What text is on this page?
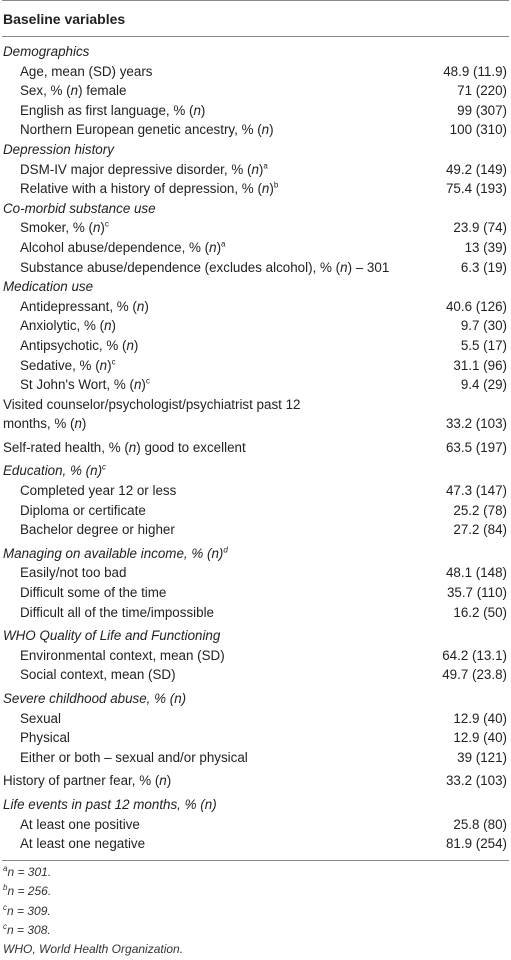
Baseline variables
Demographics
Age, mean (SD) years	48.9 (11.9)
Sex, % (n) female	71 (220)
English as first language, % (n)	99 (307)
Northern European genetic ancestry, % (n)	100 (310)
Depression history
DSM-IV major depressive disorder, % $(n)^a$	49.2 (149)
Relative with a history of depression, % $(n)^b$	75.4 (193)
Co-morbid substance use
Smoker, % $(n)^c$	23.9 (74)
Alcohol abuse/dependence, % $(n)^a$	13 (39)
Substance abuse/dependence (excludes alcohol), % (n) – 301	6.3 (19)
Medication use
Antidepressant, % (n)	40.6 (126)
Anxiolytic, % (n)	9.7 (30)
Antipsychotic, % (n)	5.5 (17)
Sedative, % $(n)^c$	31.1 (96)
St John's Wort, % $(n)^c$	9.4 (29)
Visited counselor/psychologist/psychiatrist past 12 months, % (n)	33.2 (103)
Self-rated health, % (n) good to excellent	63.5 (197)
Education, % $(n)^c$
Completed year 12 or less	47.3 (147)
Diploma or certificate	25.2 (78)
Bachelor degree or higher	27.2 (84)
Managing on available income, % $(n)^d$
Easily/not too bad	48.1 (148)
Difficult some of the time	35.7 (110)
Difficult all of the time/impossible	16.2 (50)
WHO Quality of Life and Functioning
Environmental context, mean (SD)	64.2 (13.1)
Social context, mean (SD)	49.7 (23.8)
Severe childhood abuse, % (n)
Sexual	12.9 (40)
Physical	12.9 (40)
Either or both – sexual and/or physical	39 (121)
History of partner fear, % (n)	33.2 (103)
Life events in past 12 months, % (n)
At least one positive	25.8 (80)
At least one negative	81.9 (254)
$^a$n = 301.
$^b$n = 256.
$^c$n = 309.
$^c$n = 308.
WHO, World Health Organization.
